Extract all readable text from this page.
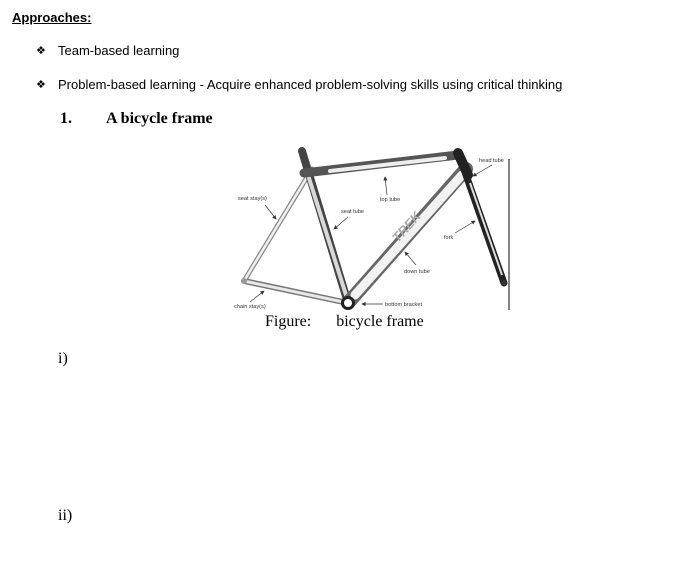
Approaches:
❖ Team-based learning
❖ Problem-based learning - Acquire enhanced problem-solving skills using critical thinking
1. A bicycle frame
TREK
head tube
seat stay(s)	top tube
seat tube
fork
down tube
chain stay(s)	bottom bracket
Figure: bicycle frame
i)
ii)
